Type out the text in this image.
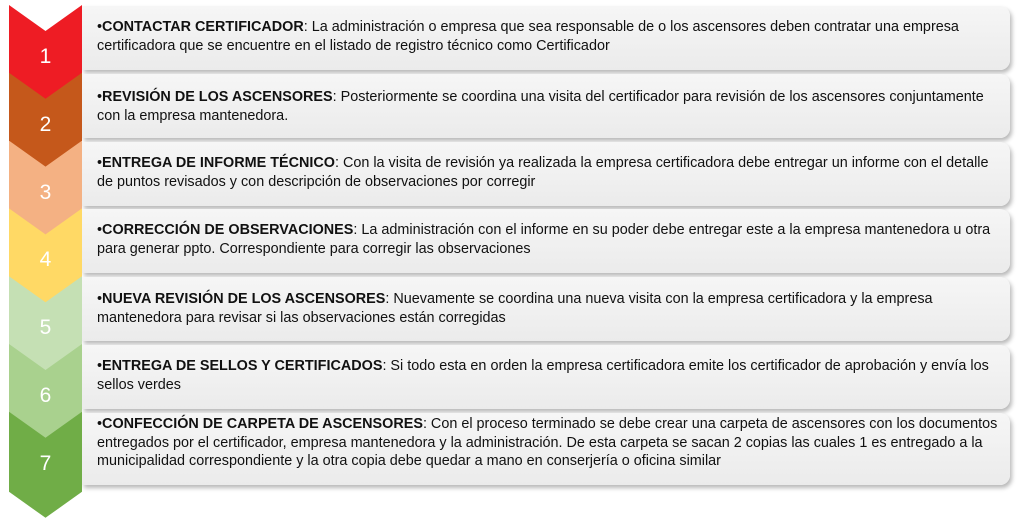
1
•CONTACTAR CERTIFICADOR: La administración o empresa que sea responsable de o los ascensores deben contratar una empresa certificadora que se encuentre en el listado de registro técnico como Certificador
2
•REVISIÓN DE LOS ASCENSORES: Posteriormente se coordina una visita del certificador para revisión de los ascensores conjuntamente con la empresa mantenedora.
3
•ENTREGA DE INFORME TÉCNICO: Con la visita de revisión ya realizada la empresa certificadora debe entregar un informe con el detalle de puntos revisados y con descripción de observaciones por corregir
4
•CORRECCIÓN DE OBSERVACIONES: La administración con el informe en su poder debe entregar este a la empresa mantenedora u otra para generar ppto. Correspondiente para corregir las observaciones
5
•NUEVA REVISIÓN DE LOS ASCENSORES: Nuevamente se coordina una nueva visita con la empresa certificadora y la empresa mantenedora para revisar si las observaciones están corregidas
6
•ENTREGA DE SELLOS Y CERTIFICADOS: Si todo esta en orden la empresa certificadora emite los certificador de aprobación y envía los sellos verdes
7
•CONFECCIÓN DE CARPETA DE ASCENSORES: Con el proceso terminado se debe crear una carpeta de ascensores con los documentos entregados por el certificador, empresa mantenedora y la administración. De esta carpeta se sacan 2 copias las cuales 1 es entregado a la municipalidad correspondiente y la otra copia debe quedar a mano en conserjería o oficina similar
